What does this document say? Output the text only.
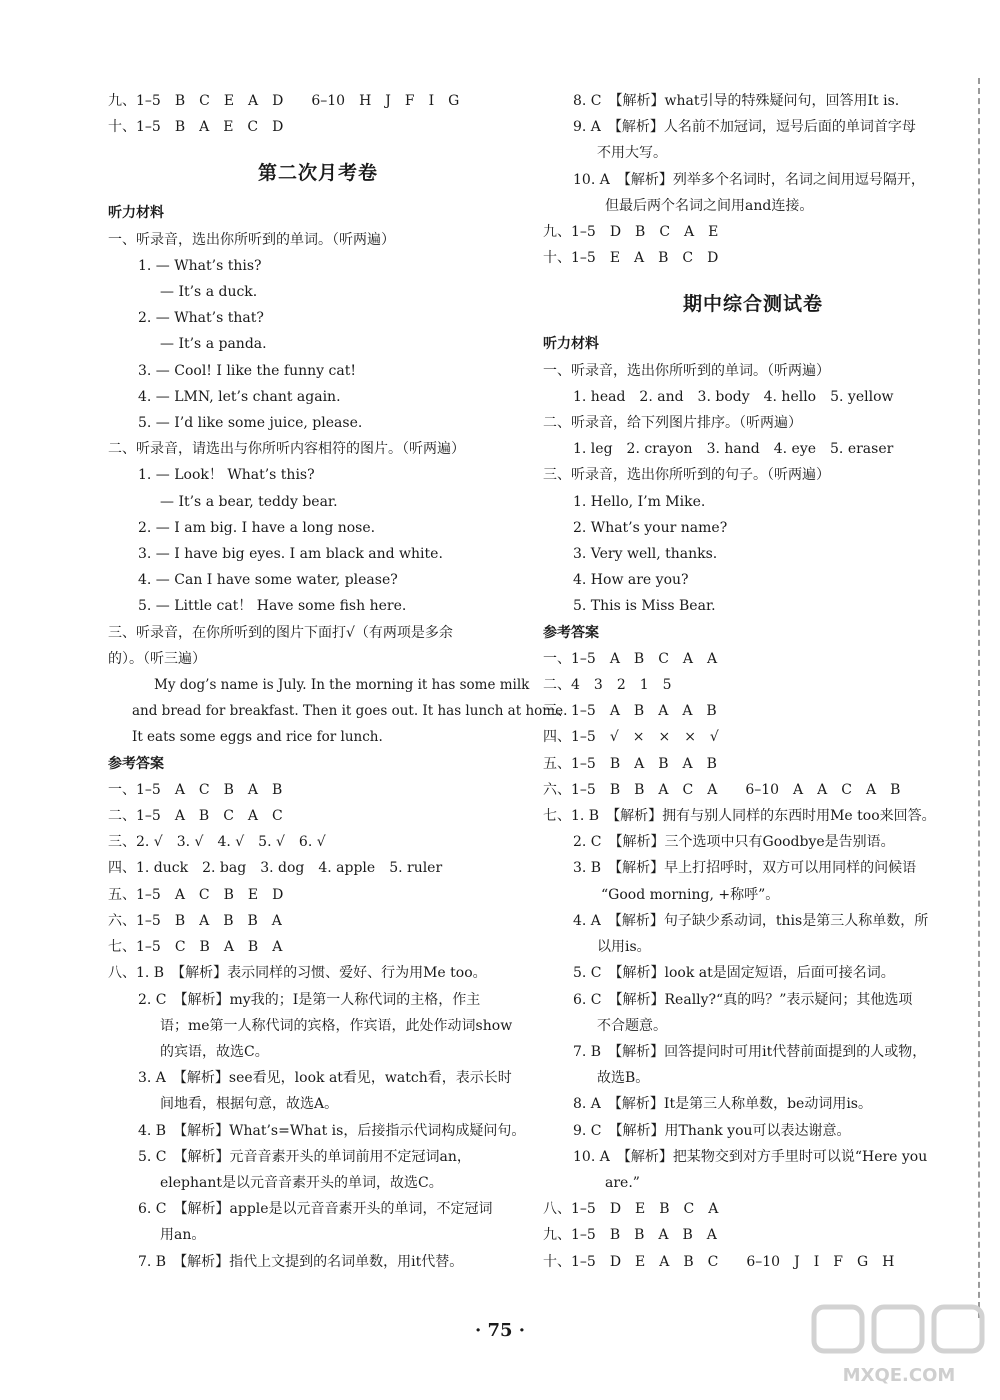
九、1–5　B　C　E　A　D　　6–10　H　J　F　I　G
十、1–5　B　A　E　C　D
第二次月考卷
听力材料
一、听录音，选出你所听到的单词。（听两遍）
1. — What’s this?
— It’s a duck.
2. — What’s that?
— It’s a panda.
3. — Cool! I like the funny cat!
4. — LMN, let’s chant again.
5. — I’d like some juice, please.
二、听录音，请选出与你所听内容相符的图片。（听两遍）
1. — Look！ What’s this?
— It’s a bear, teddy bear.
2. — I am big. I have a long nose.
3. — I have big eyes. I am black and white.
4. — Can I have some water, please?
5. — Little cat！ Have some fish here.
三、听录音，在你所听到的图片下面打√（有两项是多余
的）。（听三遍）
My dog’s name is July. In the morning it has some milk
and bread for breakfast. Then it goes out. It has lunch at home.
It eats some eggs and rice for lunch.
参考答案
一、1–5　A　C　B　A　B
二、1–5　A　B　C　A　C
三、2. √　3. √　4. √　5. √　6. √
四、1. duck　2. bag　3. dog　4. apple　5. ruler
五、1–5　A　C　B　E　D
六、1–5　B　A　B　B　A
七、1–5　C　B　A　B　A
八、1. B　【解析】表示同样的习惯、爱好、行为用Me too。
2. C　【解析】my我的；I是第一人称代词的主格，作主
语；me第一人称代词的宾格，作宾语，此处作动词show
的宾语，故选C。
3. A　【解析】see看见，look at看见，watch看，表示长时
间地看，根据句意，故选A。
4. B　【解析】What’s=What is，后接指示代词构成疑问句。
5. C　【解析】元音音素开头的单词前用不定冠词an，
elephant是以元音音素开头的单词，故选C。
6. C　【解析】apple是以元音音素开头的单词，不定冠词
用an。
7. B　【解析】指代上文提到的名词单数，用it代替。
8. C　【解析】what引导的特殊疑问句，回答用It is.
9. A　【解析】人名前不加冠词，逗号后面的单词首字母
不用大写。
10. A　【解析】列举多个名词时，名词之间用逗号隔开，
但最后两个名词之间用and连接。
九、1–5　D　B　C　A　E
十、1–5　E　A　B　C　D
期中综合测试卷
听力材料
一、听录音，选出你所听到的单词。（听两遍）
1. head　2. and　3. body　4. hello　5. yellow
二、听录音，给下列图片排序。（听两遍）
1. leg　2. crayon　3. hand　4. eye　5. eraser
三、听录音，选出你所听到的句子。（听两遍）
1. Hello, I’m Mike.
2. What’s your name?
3. Very well, thanks.
4. How are you?
5. This is Miss Bear.
参考答案
一、1–5　A　B　C　A　A
二、4　3　2　1　5
三、1–5　A　B　A　A　B
四、1–5　√　×　×　×　√
五、1–5　B　A　B　A　B
六、1–5　B　B　A　C　A　　6–10　A　A　C　A　B
七、1. B　【解析】拥有与别人同样的东西时用Me too来回答。
2. C　【解析】三个选项中只有Goodbye是告别语。
3. B　【解析】早上打招呼时，双方可以用同样的问候语
“Good morning, +称呼”。
4. A　【解析】句子缺少系动词，this是第三人称单数，所
以用is。
5. C　【解析】look at是固定短语，后面可接名词。
6. C　【解析】Really?“真的吗？”表示疑问；其他选项
不合题意。
7. B　【解析】回答提问时可用it代替前面提到的人或物，
故选B。
8. A　【解析】It是第三人称单数，be动词用is。
9. C　【解析】用Thank you可以表达谢意。
10. A　【解析】把某物交到对方手里时可以说“Here you
are.”
八、1–5　D　E　B　C　A
九、1–5　B　B　A　B　A
十、1–5　D　E　A　B　C　　6–10　J　I　F　G　H
· 75 ·
MXQE.COM
